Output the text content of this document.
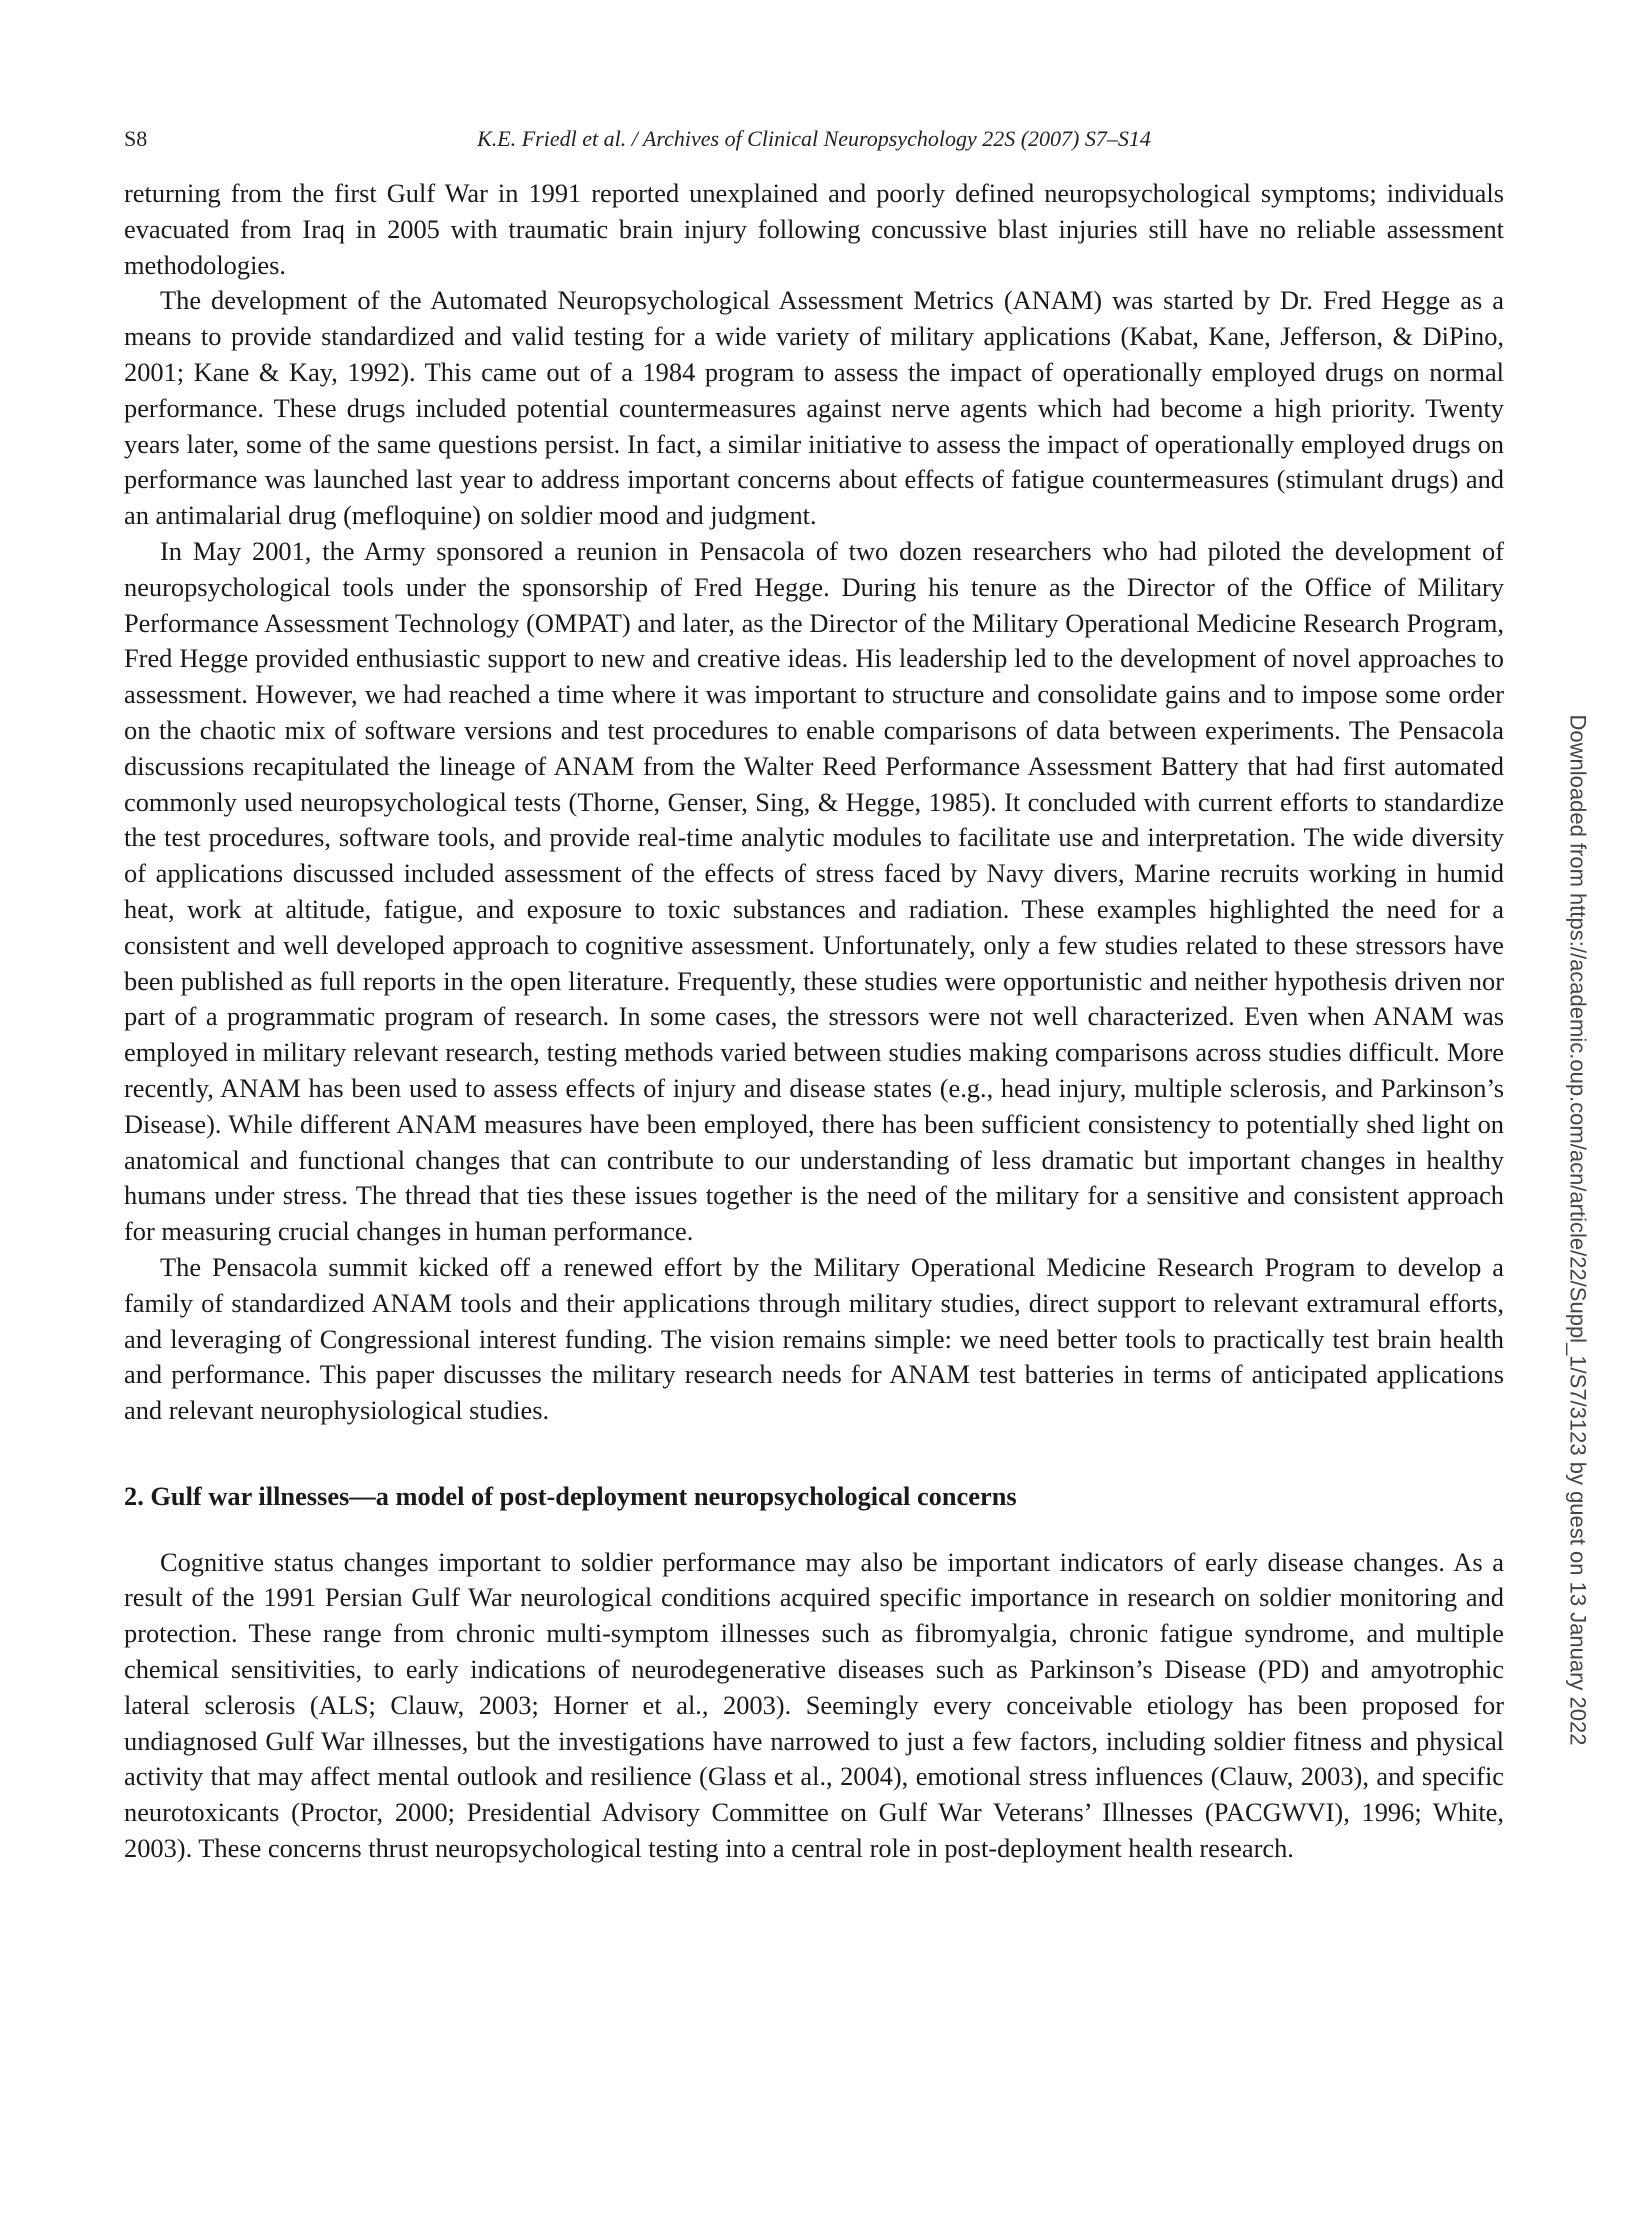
S8	K.E. Friedl et al. / Archives of Clinical Neuropsychology 22S (2007) S7–S14

returning from the first Gulf War in 1991 reported unexplained and poorly defined neuropsychological symptoms; individuals evacuated from Iraq in 2005 with traumatic brain injury following concussive blast injuries still have no reliable assessment methodologies.

The development of the Automated Neuropsychological Assessment Metrics (ANAM) was started by Dr. Fred Hegge as a means to provide standardized and valid testing for a wide variety of military applications (Kabat, Kane, Jefferson, & DiPino, 2001; Kane & Kay, 1992). This came out of a 1984 program to assess the impact of operationally employed drugs on normal performance. These drugs included potential countermeasures against nerve agents which had become a high priority. Twenty years later, some of the same questions persist. In fact, a similar initiative to assess the impact of operationally employed drugs on performance was launched last year to address important concerns about effects of fatigue countermeasures (stimulant drugs) and an antimalarial drug (mefloquine) on soldier mood and judgment.

In May 2001, the Army sponsored a reunion in Pensacola of two dozen researchers who had piloted the development of neuropsychological tools under the sponsorship of Fred Hegge. During his tenure as the Director of the Office of Military Performance Assessment Technology (OMPAT) and later, as the Director of the Military Operational Medicine Research Program, Fred Hegge provided enthusiastic support to new and creative ideas. His leadership led to the development of novel approaches to assessment. However, we had reached a time where it was important to structure and consolidate gains and to impose some order on the chaotic mix of software versions and test procedures to enable comparisons of data between experiments. The Pensacola discussions recapitulated the lineage of ANAM from the Walter Reed Performance Assessment Battery that had first automated commonly used neuropsychological tests (Thorne, Genser, Sing, & Hegge, 1985). It concluded with current efforts to standardize the test procedures, software tools, and provide real-time analytic modules to facilitate use and interpretation. The wide diversity of applications discussed included assessment of the effects of stress faced by Navy divers, Marine recruits working in humid heat, work at altitude, fatigue, and exposure to toxic substances and radiation. These examples highlighted the need for a consistent and well developed approach to cognitive assessment. Unfortunately, only a few studies related to these stressors have been published as full reports in the open literature. Frequently, these studies were opportunistic and neither hypothesis driven nor part of a programmatic program of research. In some cases, the stressors were not well characterized. Even when ANAM was employed in military relevant research, testing methods varied between studies making comparisons across studies difficult. More recently, ANAM has been used to assess effects of injury and disease states (e.g., head injury, multiple sclerosis, and Parkinson’s Disease). While different ANAM measures have been employed, there has been sufficient consistency to potentially shed light on anatomical and functional changes that can contribute to our understanding of less dramatic but important changes in healthy humans under stress. The thread that ties these issues together is the need of the military for a sensitive and consistent approach for measuring crucial changes in human performance.

The Pensacola summit kicked off a renewed effort by the Military Operational Medicine Research Program to develop a family of standardized ANAM tools and their applications through military studies, direct support to relevant extramural efforts, and leveraging of Congressional interest funding. The vision remains simple: we need better tools to practically test brain health and performance. This paper discusses the military research needs for ANAM test batteries in terms of anticipated applications and relevant neurophysiological studies.

2. Gulf war illnesses—a model of post-deployment neuropsychological concerns

Cognitive status changes important to soldier performance may also be important indicators of early disease changes. As a result of the 1991 Persian Gulf War neurological conditions acquired specific importance in research on soldier monitoring and protection. These range from chronic multi-symptom illnesses such as fibromyalgia, chronic fatigue syndrome, and multiple chemical sensitivities, to early indications of neurodegenerative diseases such as Parkinson’s Disease (PD) and amyotrophic lateral sclerosis (ALS; Clauw, 2003; Horner et al., 2003). Seemingly every conceivable etiology has been proposed for undiagnosed Gulf War illnesses, but the investigations have narrowed to just a few factors, including soldier fitness and physical activity that may affect mental outlook and resilience (Glass et al., 2004), emotional stress influences (Clauw, 2003), and specific neurotoxicants (Proctor, 2000; Presidential Advisory Committee on Gulf War Veterans’ Illnesses (PACGWVI), 1996; White, 2003). These concerns thrust neuropsychological testing into a central role in post-deployment health research.

Downloaded from https://academic.oup.com/acn/article/22/Suppl_1/S7/3123 by guest on 13 January 2022
